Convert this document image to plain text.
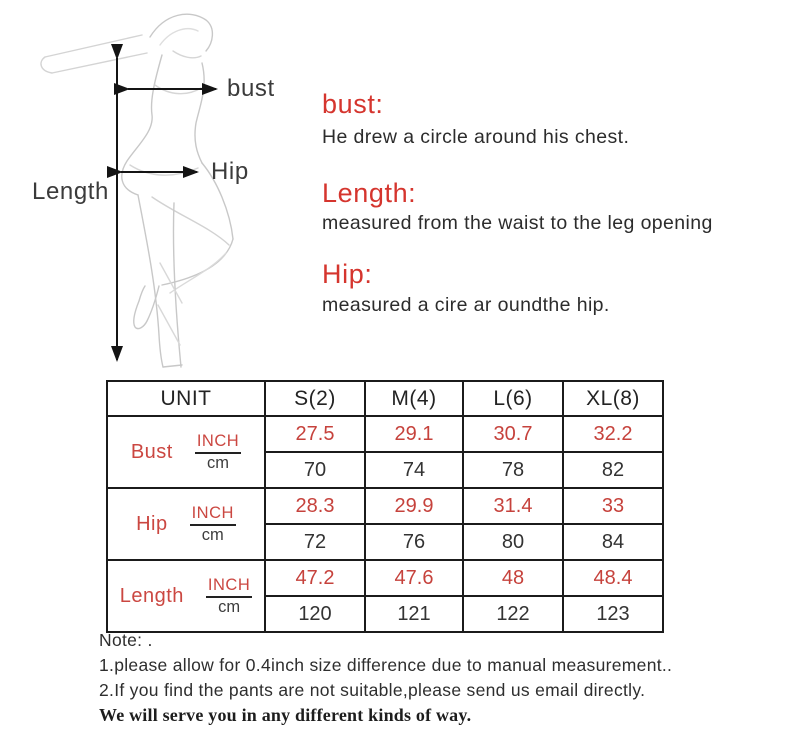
Length
bust
Hip
bust:
He drew a circle around his chest.
Length:
measured from the waist to the leg opening
Hip:
measured a cire ar oundthe hip.
UNIT	S(2)	M(4)	L(6)	XL(8)

Bust $\frac{\text{INCH}}{cm}$	27.5	29.1	30.7	32.2
	70	74	78	82

Hip $\frac{\text{INCH}}{cm}$	28.3	29.9	31.4	33
	72	76	80	84

Length $\frac{\text{INCH}}{cm}$	47.2	47.6	48	48.4
	120	121	122	123
Note: .
1.please allow for 0.4inch size difference due to manual measurement..
2.If you find the pants are not suitable,please send us email directly.
We will serve you in any different kinds of way.
